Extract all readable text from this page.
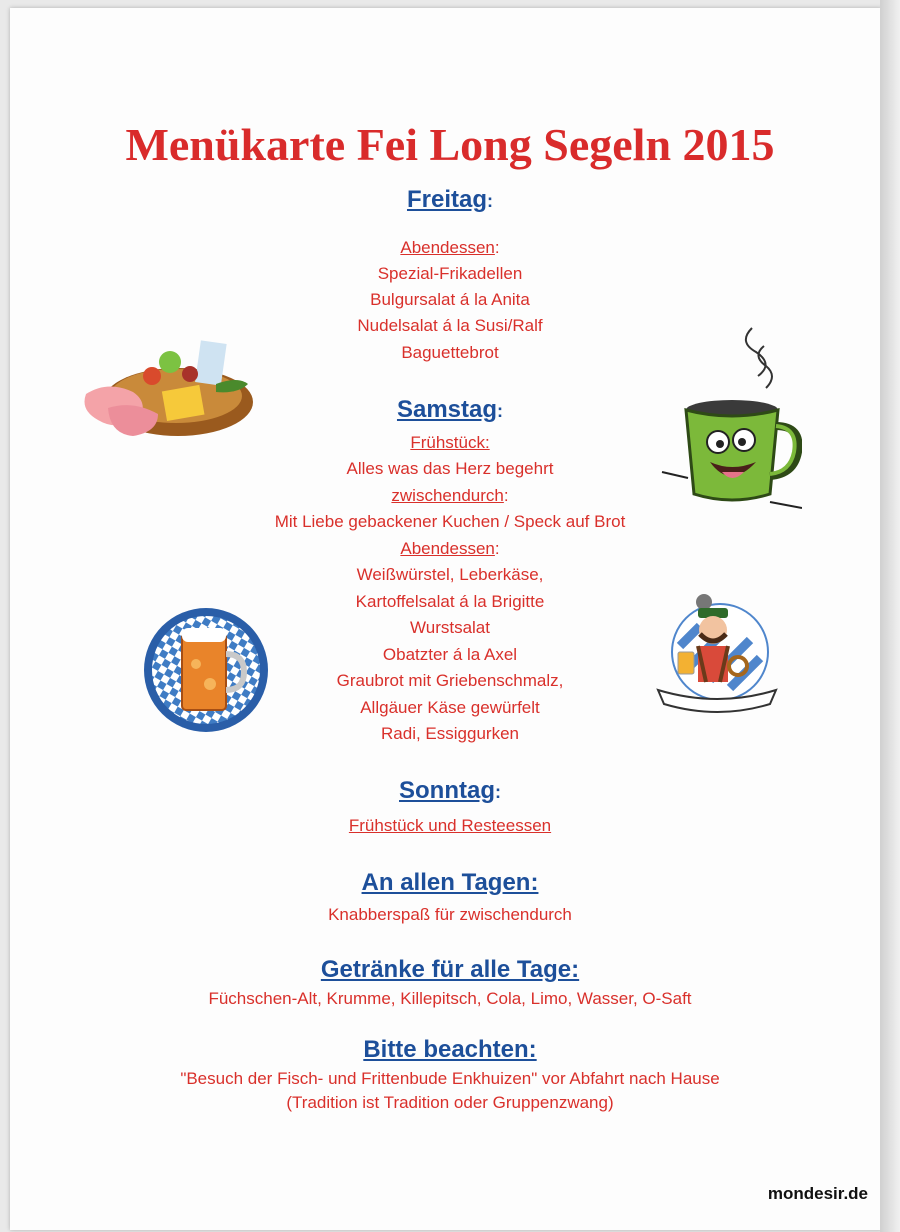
Menükarte Fei Long Segeln 2015
Freitag:
Abendessen:
Spezial-Frikadellen
Bulgursalat á la Anita
Nudelsalat á la Susi/Ralf
Baguettebrot
Samstag:
Frühstück:
Alles was das Herz begehrt
zwischendurch:
Mit Liebe gebackener Kuchen / Speck auf Brot
Abendessen:
Weißwürstel, Leberkäse,
Kartoffelsalat á la Brigitte
Wurstsalat
Obatzter á la Axel
Graubrot mit Griebenschmalz,
Allgäuer Käse gewürfelt
Radi, Essiggurken
Sonntag:
Frühstück und Resteessen
An allen Tagen:
Knabberspaß für zwischendurch
Getränke für alle Tage:
Füchschen-Alt, Krumme, Killepitsch, Cola, Limo, Wasser, O-Saft
Bitte beachten:
"Besuch der Fisch- und Frittenbude Enkhuizen" vor Abfahrt nach Hause
(Tradition ist Tradition oder Gruppenzwang)
mondesir.de
